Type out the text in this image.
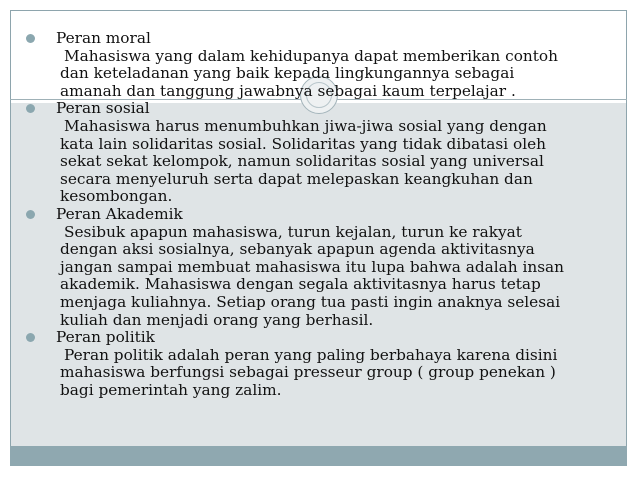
Peran moral
Mahasiswa yang dalam kehidupanya dapat memberikan contoh
dan keteladanan yang baik kepada lingkungannya sebagai
amanah dan tanggung jawabnya sebagai kaum terpelajar .
Peran sosial
Mahasiswa harus menumbuhkan jiwa-jiwa sosial yang dengan
kata lain solidaritas sosial. Solidaritas yang tidak dibatasi oleh
sekat sekat kelompok, namun solidaritas sosial yang universal
secara menyeluruh serta dapat melepaskan keangkuhan dan
kesombongan.
Peran Akademik
Sesibuk apapun mahasiswa, turun kejalan, turun ke rakyat
dengan aksi sosialnya, sebanyak apapun agenda aktivitasnya
jangan sampai membuat mahasiswa itu lupa bahwa adalah insan
akademik. Mahasiswa dengan segala aktivitasnya harus tetap
menjaga kuliahnya. Setiap orang tua pasti ingin anaknya selesai
kuliah dan menjadi orang yang berhasil.
Peran politik
Peran politik adalah peran yang paling berbahaya karena disini
mahasiswa berfungsi sebagai presseur group ( group penekan )
bagi pemerintah yang zalim.
